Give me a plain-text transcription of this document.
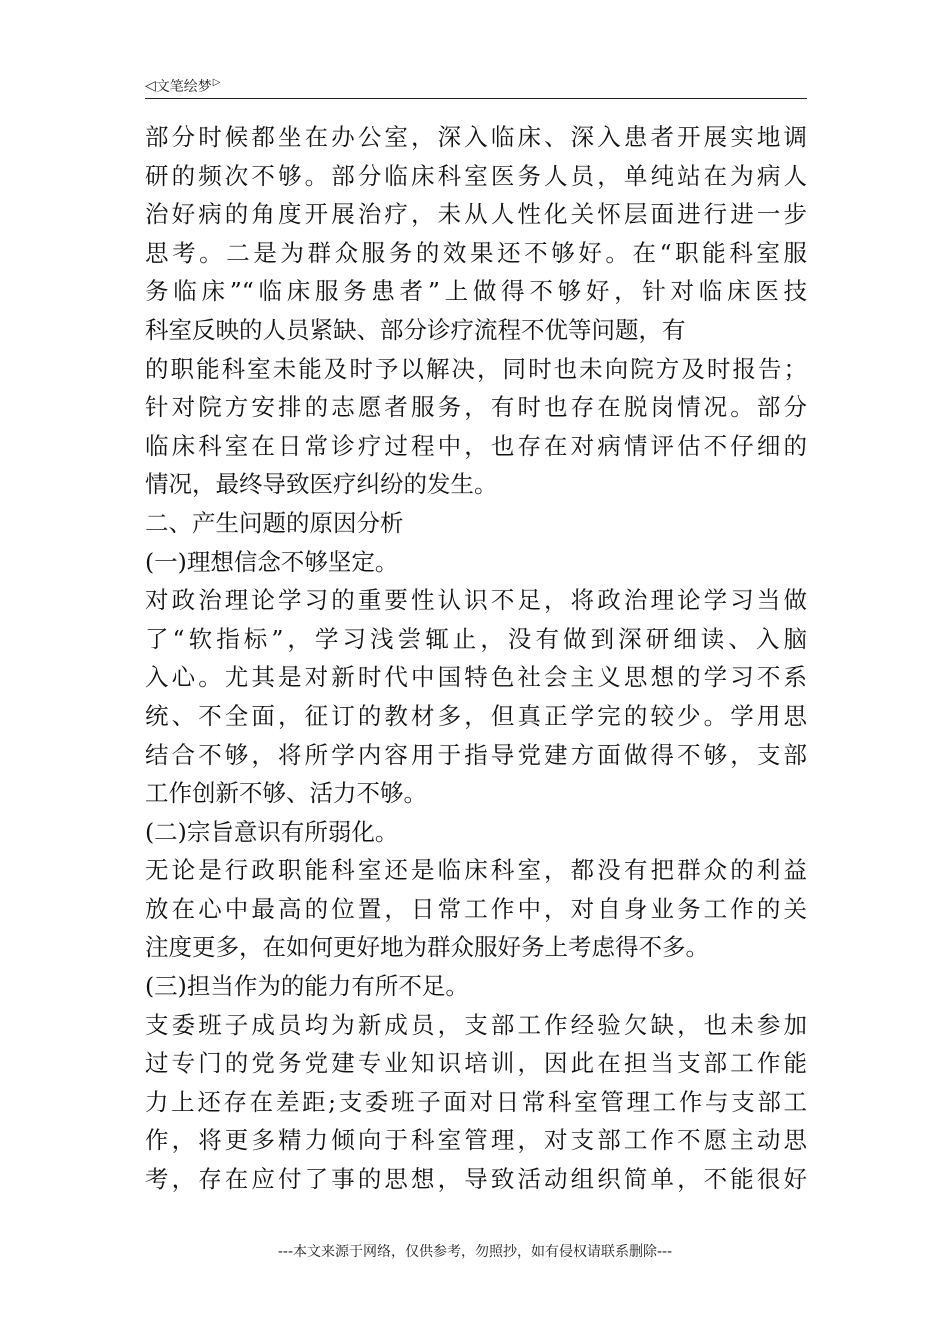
◁ 文笔绘梦 ▷
部分时候都坐在办公室，深入临床、深入患者开展实地调
研的频次不够。部分临床科室医务人员，单纯站在为病人
治好病的角度开展治疗，未从人性化关怀层面进行进一步
思考。二是为群众服务的效果还不够好。在“职能科室服
务临床”“临床服务患者”上做得不够好，针对临床医技
科室反映的人员紧缺、部分诊疗流程不优等问题，有
的职能科室未能及时予以解决，同时也未向院方及时报告；
针对院方安排的志愿者服务，有时也存在脱岗情况。部分
临床科室在日常诊疗过程中，也存在对病情评估不仔细的
情况，最终导致医疗纠纷的发生。
二、产生问题的原因分析
(一)理想信念不够坚定。
对政治理论学习的重要性认识不足，将政治理论学习当做
了“软指标”，学习浅尝辄止，没有做到深研细读、入脑
入心。尤其是对新时代中国特色社会主义思想的学习不系
统、不全面，征订的教材多，但真正学完的较少。学用思
结合不够，将所学内容用于指导党建方面做得不够，支部
工作创新不够、活力不够。
(二)宗旨意识有所弱化。
无论是行政职能科室还是临床科室，都没有把群众的利益
放在心中最高的位置，日常工作中，对自身业务工作的关
注度更多，在如何更好地为群众服好务上考虑得不多。
(三)担当作为的能力有所不足。
支委班子成员均为新成员，支部工作经验欠缺，也未参加
过专门的党务党建专业知识培训，因此在担当支部工作能
力上还存在差距;支委班子面对日常科室管理工作与支部工
作，将更多精力倾向于科室管理，对支部工作不愿主动思
考，存在应付了事的思想，导致活动组织简单，不能很好
---本文来源于网络，仅供参考，勿照抄，如有侵权请联系删除---
